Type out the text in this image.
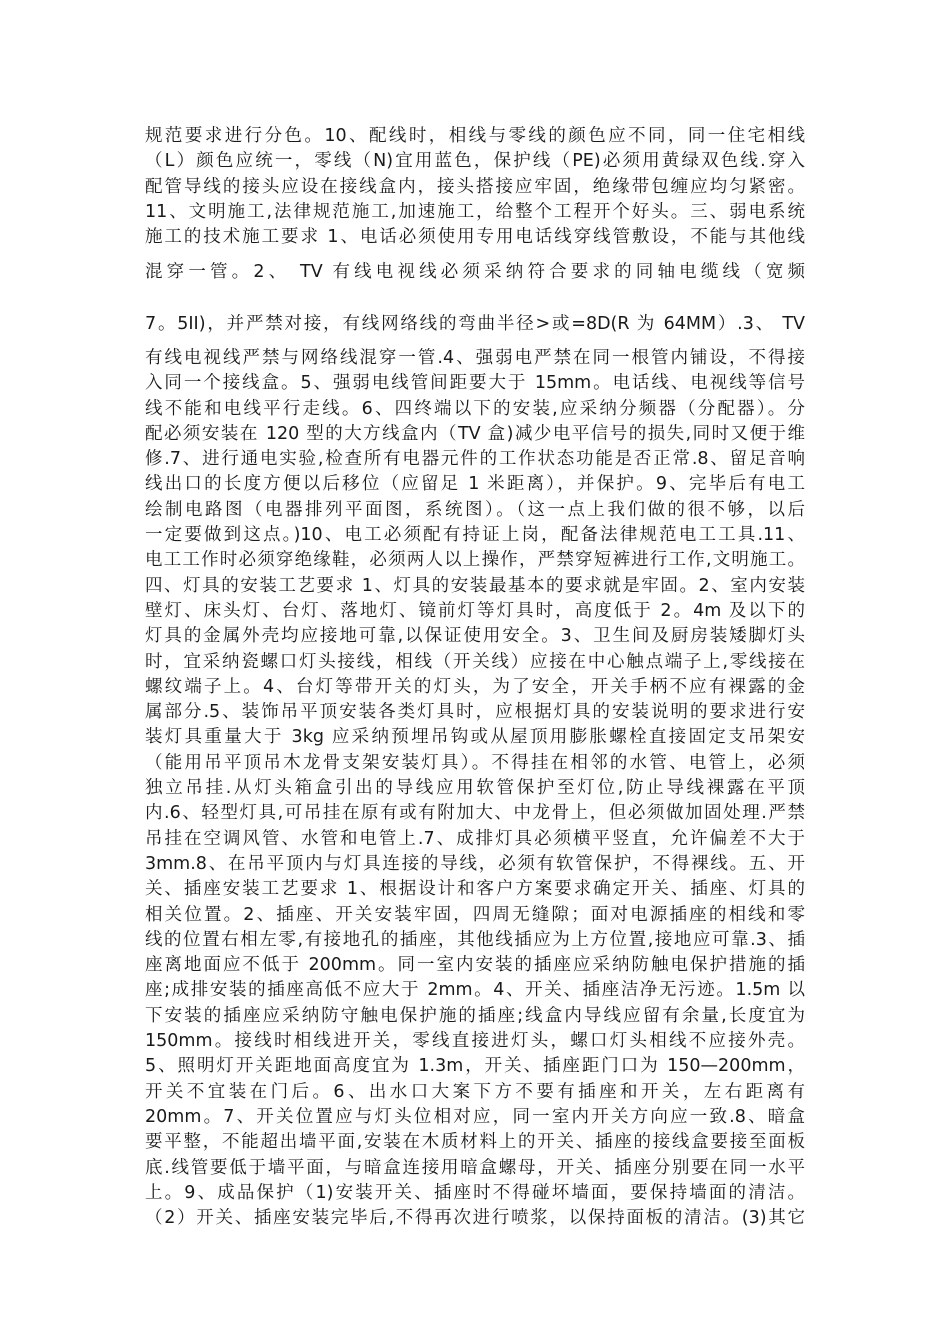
规范要求进行分色。10、配线时，相线与零线的颜色应不同，同一住宅相线
（L）颜色应统一，零线（N)宜用蓝色，保护线（PE)必须用黄绿双色线.穿入
配管导线的接头应设在接线盒内，接头搭接应牢固，绝缘带包缠应均匀紧密。
11、文明施工,法律规范施工,加速施工，给整个工程开个好头。三、弱电系统
施工的技术施工要求 1、电话必须使用专用电话线穿线管敷设，不能与其他线
混穿一管。2、 TV 有线电视线必须采纳符合要求的同轴电缆线（宽频
7。5II)，并严禁对接，有线网络线的弯曲半径>或=8D(R 为 64MM）.3、 TV
有线电视线严禁与网络线混穿一管.4、强弱电严禁在同一根管内铺设，不得接
入同一个接线盒。5、强弱电线管间距要大于 15mm。电话线、电视线等信号
线不能和电线平行走线。6、四终端以下的安装,应采纳分频器（分配器）。分
配必须安装在 120 型的大方线盒内（TV 盒)减少电平信号的损失,同时又便于维
修.7、进行通电实验,检查所有电器元件的工作状态功能是否正常.8、留足音响
线出口的长度方便以后移位（应留足 1 米距离），并保护。9、完毕后有电工
绘制电路图（电器排列平面图，系统图）。（这一点上我们做的很不够，以后
一定要做到这点。)10、电工必须配有持证上岗，配备法律规范电工工具.11、
电工工作时必须穿绝缘鞋，必须两人以上操作，严禁穿短裤进行工作,文明施工。
四、灯具的安装工艺要求 1、灯具的安装最基本的要求就是牢固。2、室内安装
壁灯、床头灯、台灯、落地灯、镜前灯等灯具时，高度低于 2。4m 及以下的
灯具的金属外壳均应接地可靠,以保证使用安全。3、卫生间及厨房装矮脚灯头
时，宜采纳瓷螺口灯头接线，相线（开关线）应接在中心触点端子上,零线接在
螺纹端子上。4、台灯等带开关的灯头，为了安全，开关手柄不应有裸露的金
属部分.5、装饰吊平顶安装各类灯具时，应根据灯具的安装说明的要求进行安
装灯具重量大于 3kg 应采纳预埋吊钩或从屋顶用膨胀螺栓直接固定支吊架安
（能用吊平顶吊木龙骨支架安装灯具）。不得挂在相邻的水管、电管上，必须
独立吊挂.从灯头箱盒引出的导线应用软管保护至灯位,防止导线裸露在平顶
内.6、轻型灯具,可吊挂在原有或有附加大、中龙骨上，但必须做加固处理.严禁
吊挂在空调风管、水管和电管上.7、成排灯具必须横平竖直，允许偏差不大于
3mm.8、在吊平顶内与灯具连接的导线，必须有软管保护，不得裸线。五、开
关、插座安装工艺要求 1、根据设计和客户方案要求确定开关、插座、灯具的
相关位置。2、插座、开关安装牢固，四周无缝隙；面对电源插座的相线和零
线的位置右相左零,有接地孔的插座，其他线插应为上方位置,接地应可靠.3、插
座离地面应不低于 200mm。同一室内安装的插座应采纳防触电保护措施的插
座;成排安装的插座高低不应大于 2mm。4、开关、插座洁净无污迹。1.5m 以
下安装的插座应采纳防守触电保护施的插座;线盒内导线应留有余量,长度宜为
150mm。接线时相线进开关，零线直接进灯头，螺口灯头相线不应接外壳。
5、照明灯开关距地面高度宜为 1.3m，开关、插座距门口为 150—200mm，
开关不宜装在门后。6、出水口大案下方不要有插座和开关，左右距离有
20mm。7、开关位置应与灯头位相对应，同一室内开关方向应一致.8、暗盒
要平整，不能超出墙平面,安装在木质材料上的开关、插座的接线盒要接至面板
底.线管要低于墙平面，与暗盒连接用暗盒螺母，开关、插座分别要在同一水平
上。9、成品保护（1)安装开关、插座时不得碰坏墙面，要保持墙面的清洁。
（2）开关、插座安装完毕后,不得再次进行喷浆，以保持面板的清洁。(3)其它
